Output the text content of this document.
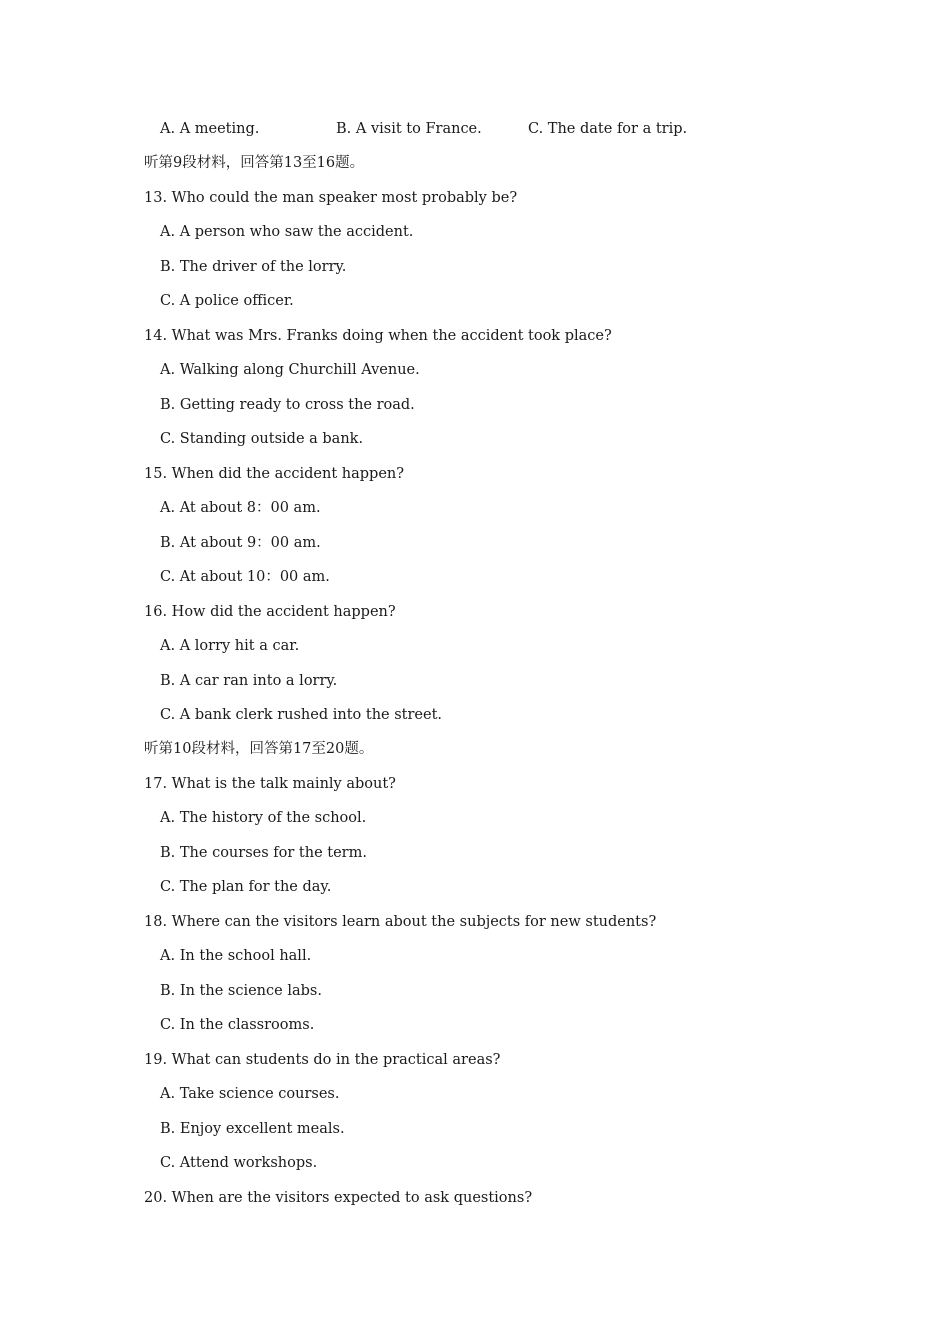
A. A meeting.	B. A visit to France.	C. The date for a trip.
听第9段材料，回答第13至16题。
13. Who could the man speaker most probably be?
A. A person who saw the accident.
B. The driver of the lorry.
C. A police officer.
14. What was Mrs. Franks doing when the accident took place?
A. Walking along Churchill Avenue.
B. Getting ready to cross the road.
C. Standing outside a bank.
15. When did the accident happen?
A. At about 8：00 am.
B. At about 9：00 am.
C. At about 10：00 am.
16. How did the accident happen?
A. A lorry hit a car.
B. A car ran into a lorry.
C. A bank clerk rushed into the street.
听第10段材料，回答第17至20题。
17. What is the talk mainly about?
A. The history of the school.
B. The courses for the term.
C. The plan for the day.
18. Where can the visitors learn about the subjects for new students?
A. In the school hall.
B. In the science labs.
C. In the classrooms.
19. What can students do in the practical areas?
A. Take science courses.
B. Enjoy excellent meals.
C. Attend workshops.
20. When are the visitors expected to ask questions?
